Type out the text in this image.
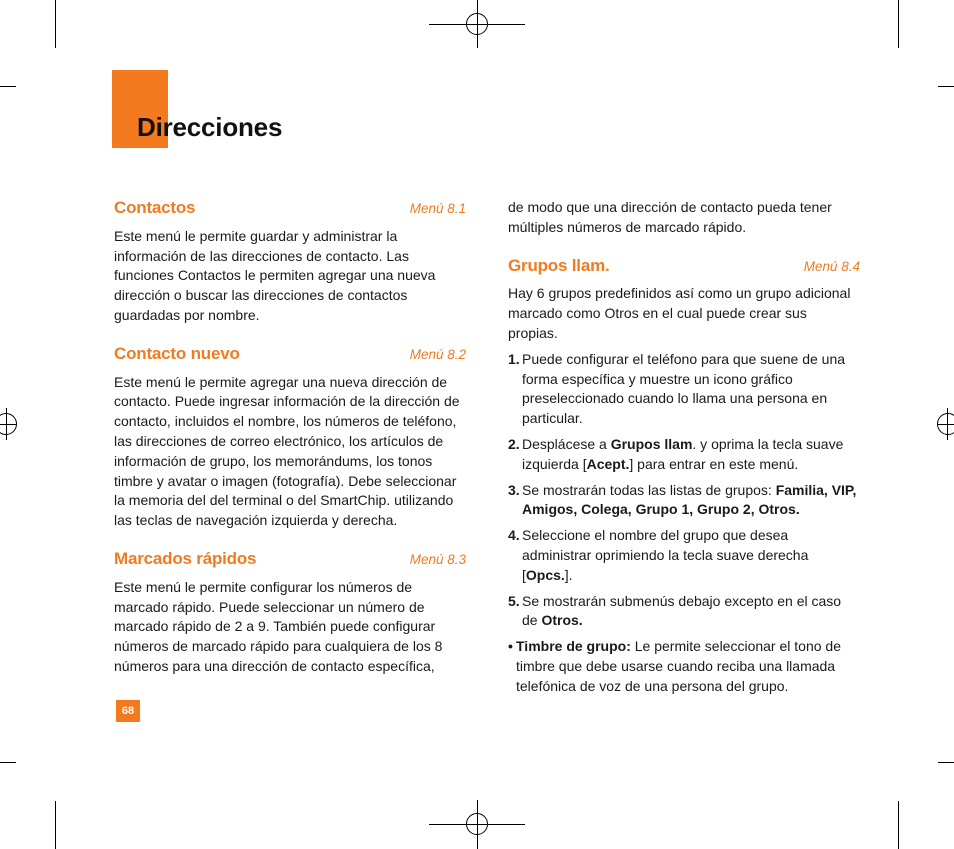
Direcciones
Contactos	Menú 8.1

Este menú le permite guardar y administrar la información de las direcciones de contacto. Las funciones Contactos le permiten agregar una nueva dirección o buscar las direcciones de contactos guardadas por nombre.

Contacto nuevo	Menú 8.2

Este menú le permite agregar una nueva dirección de contacto. Puede ingresar información de la dirección de contacto, incluidos el nombre, los números de teléfono, las direcciones de correo electrónico, los artículos de información de grupo, los memorándums, los tonos timbre y avatar o imagen (fotografía). Debe seleccionar la memoria del del terminal o del SmartChip. utilizando las teclas de navegación izquierda y derecha.

Marcados rápidos	Menú 8.3

Este menú le permite configurar los números de marcado rápido. Puede seleccionar un número de marcado rápido de 2 a 9. También puede configurar números de marcado rápido para cualquiera de los 8 números para una dirección de contacto específica,

de modo que una dirección de contacto pueda tener múltiples números de marcado rápido.

Grupos llam.	Menú 8.4

Hay 6 grupos predefinidos así como un grupo adicional marcado como Otros en el cual puede crear sus propias.

1. Puede configurar el teléfono para que suene de una forma específica y muestre un icono gráfico preseleccionado cuando lo llama una persona en particular.
2. Desplácese a Grupos llam. y oprima la tecla suave izquierda [Acept.] para entrar en este menú.
3. Se mostrarán todas las listas de grupos: Familia, VIP, Amigos, Colega, Grupo 1, Grupo 2, Otros.
4. Seleccione el nombre del grupo que desea administrar oprimiendo la tecla suave derecha [Opcs.].
5. Se mostrarán submenús debajo excepto en el caso de Otros.
• Timbre de grupo: Le permite seleccionar el tono de timbre que debe usarse cuando reciba una llamada telefónica de voz de una persona del grupo.
68
